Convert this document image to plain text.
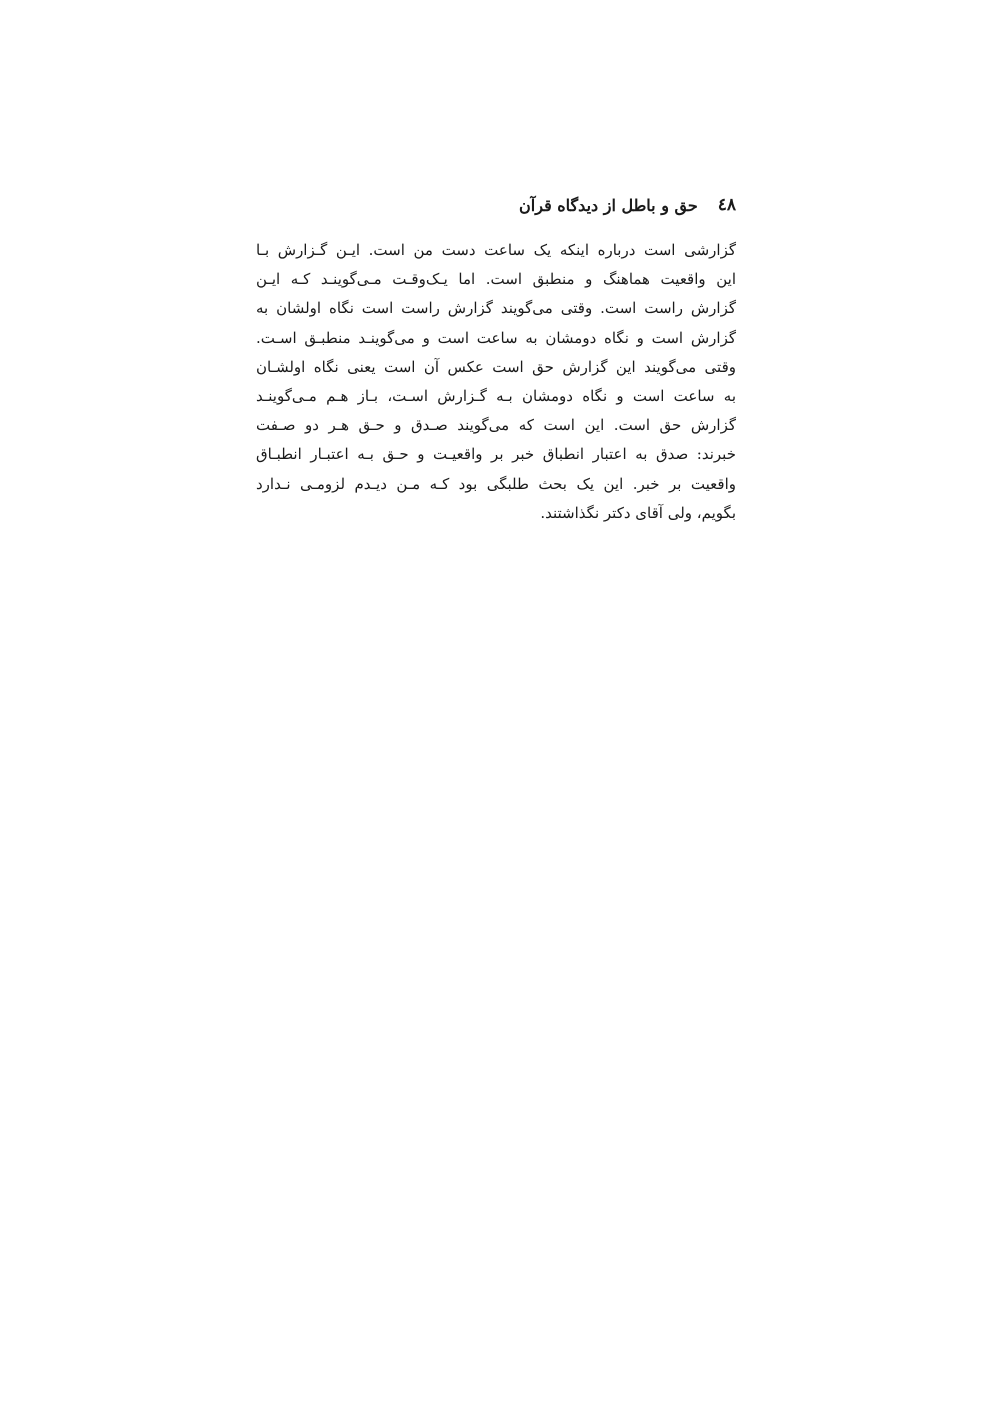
٤٨
حق و باطل از دیدگاه قرآن
گزارشی است درباره اینکه یک ساعت دست من است. ایـن گـزارش بـا
این واقعیت هماهنگ و منطبق است. اما یـک‌وقـت مـی‌گوینـد کـه ایـن
گزارش راست است. وقتی می‌گویند گزارش راست است نگاه اولشان به
گزارش است و نگاه دومشان به ساعت است و می‌گوینـد منطبـق اسـت.
وقتی می‌گویند این گزارش حق است عکس آن است یعنی نگاه اولشـان
به ساعت است و نگاه دومشان بـه گـزارش اسـت، بـاز هـم مـی‌گوینـد
گزارش حق است. این است که می‌گویند صـدق و حـق هـر دو صـفت
خبرند: صدق به اعتبار انطباق خبر بر واقعیـت و حـق بـه اعتبـار انطبـاق
واقعیت بر خبر. این یک بحث طلبگی بود کـه مـن دیـدم لزومـی نـدارد
بگویم، ولی آقای دکتر نگذاشتند.
